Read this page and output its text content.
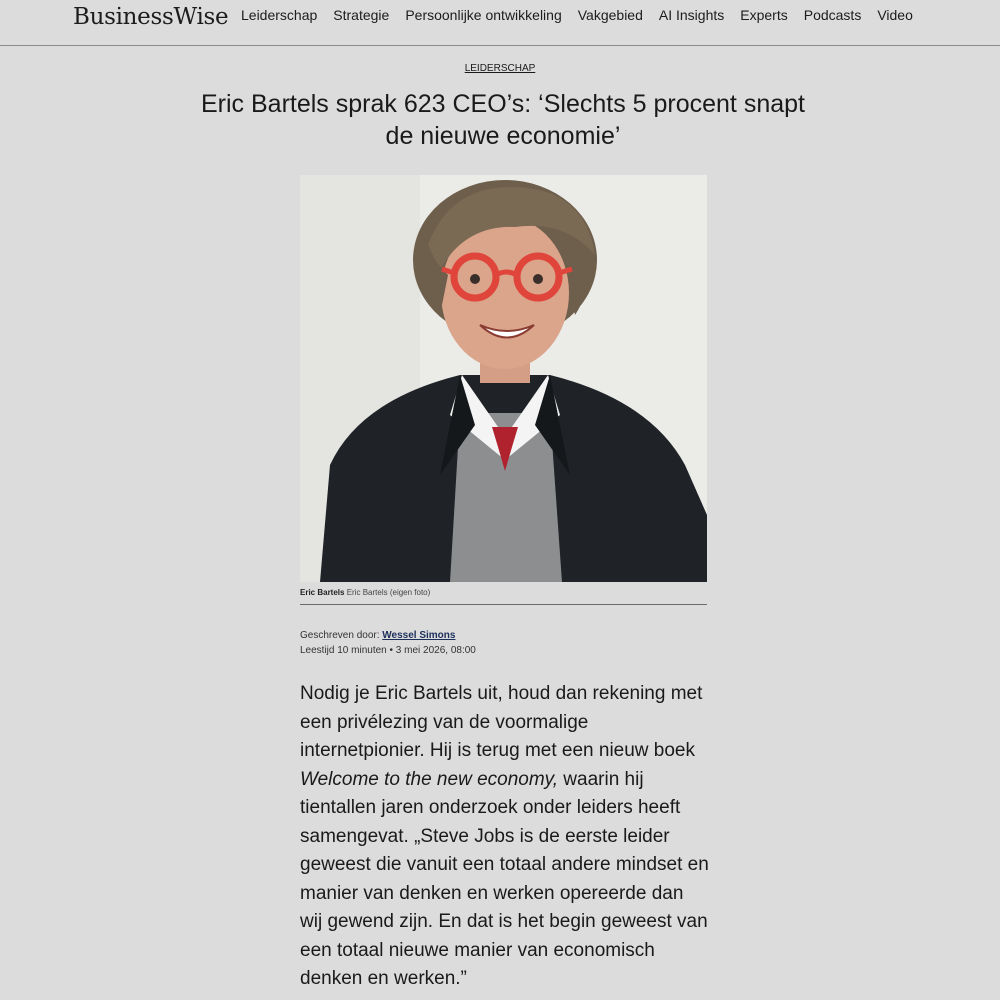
BusinessWise Leiderschap Strategie Persoonlijke ontwikkeling Vakgebied AI Insights Experts Podcasts Video
LEIDERSCHAP
Eric Bartels sprak 623 CEO’s: ‘Slechts 5 procent snapt de nieuwe economie’
Eric Bartels Eric Bartels (eigen foto)
Geschreven door: Wessel Simons
Leestijd 10 minuten • 3 mei 2026, 08:00

Nodig je Eric Bartels uit, houd dan rekening met een privélezing van de voormalige internetpionier. Hij is terug met een nieuw boek Welcome to the new economy, waarin hij tientallen jaren onderzoek onder leiders heeft samengevat. „Steve Jobs is de eerste leider geweest die vanuit een totaal andere mindset en manier van denken en werken opereerde dan wij gewend zijn. En dat is het begin geweest van een totaal nieuwe manier van economisch denken en werken.”
